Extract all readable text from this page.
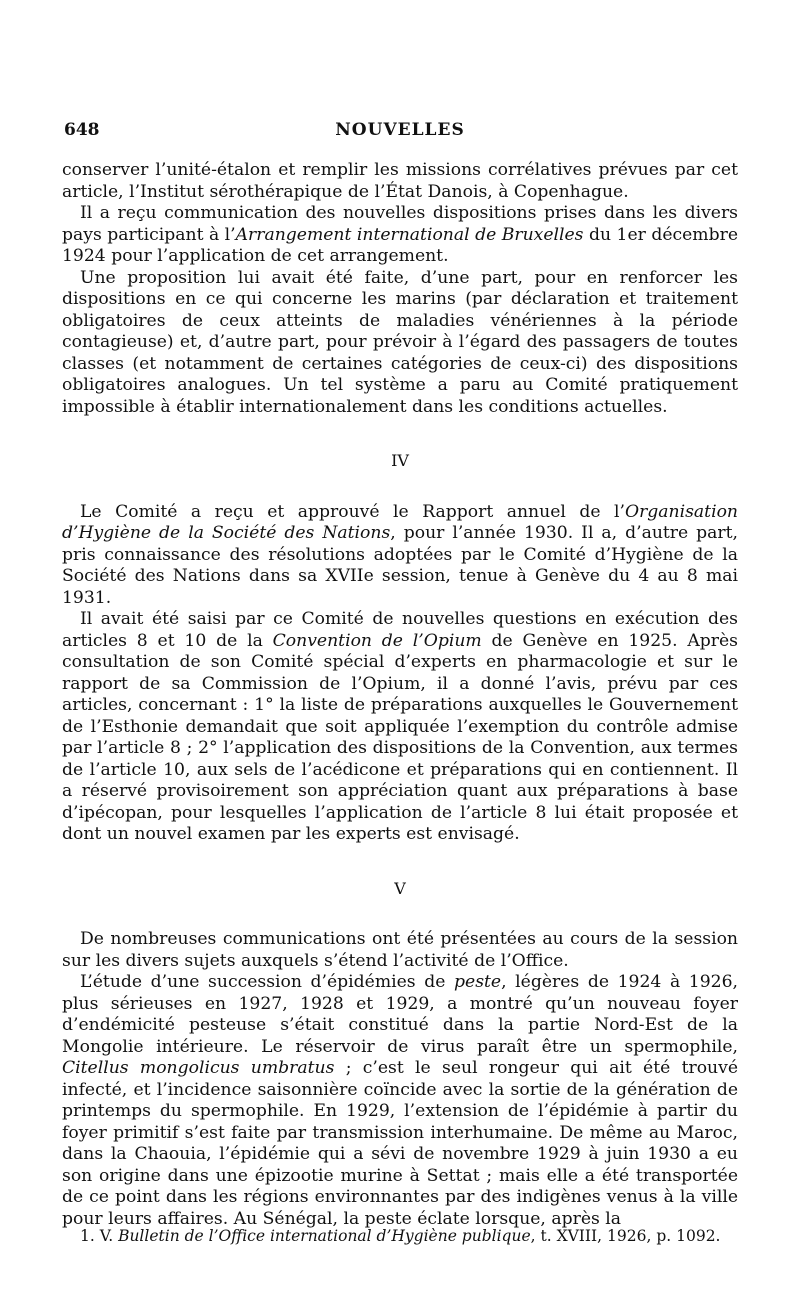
648	NOUVELLES

conserver l’unité-étalon et remplir les missions corrélatives prévues par cet article, l’Institut sérothérapique de l’État Danois, à Copenhague.

Il a reçu communication des nouvelles dispositions prises dans les divers pays participant à l’Arrangement international de Bruxelles du 1er décembre 1924 pour l’application de cet arrangement.

Une proposition lui avait été faite, d’une part, pour en renforcer les dispositions en ce qui concerne les marins (par déclaration et traitement obligatoires de ceux atteints de maladies vénériennes à la période contagieuse) et, d’autre part, pour prévoir à l’égard des passagers de toutes classes (et notamment de certaines catégories de ceux-ci) des dispositions obligatoires analogues. Un tel système a paru au Comité pratiquement impossible à établir internationalement dans les conditions actuelles.

IV

Le Comité a reçu et approuvé le Rapport annuel de l’Organisation d’Hygiène de la Société des Nations, pour l’année 1930. Il a, d’autre part, pris connaissance des résolutions adoptées par le Comité d’Hygiène de la Société des Nations dans sa XVIIe session, tenue à Genève du 4 au 8 mai 1931.

Il avait été saisi par ce Comité de nouvelles questions en exécution des articles 8 et 10 de la Convention de l’Opium de Genève en 1925. Après consultation de son Comité spécial d’experts en pharmacologie et sur le rapport de sa Commission de l’Opium, il a donné l’avis, prévu par ces articles, concernant : 1° la liste de préparations auxquelles le Gouvernement de l’Esthonie demandait que soit appliquée l’exemption du contrôle admise par l’article 8 ; 2° l’application des dispositions de la Convention, aux termes de l’article 10, aux sels de l’acédicone et préparations qui en contiennent. Il a réservé provisoirement son appréciation quant aux préparations à base d’ipécopan, pour lesquelles l’application de l’article 8 lui était proposée et dont un nouvel examen par les experts est envisagé.

V

De nombreuses communications ont été présentées au cours de la session sur les divers sujets auxquels s’étend l’activité de l’Office.

L’étude d’une succession d’épidémies de peste, légères de 1924 à 1926, plus sérieuses en 1927, 1928 et 1929, a montré qu’un nouveau foyer d’endémicité pesteuse s’était constitué dans la partie Nord-Est de la Mongolie intérieure. Le réservoir de virus paraît être un spermophile, Citellus mongolicus umbratus ; c’est le seul rongeur qui ait été trouvé infecté, et l’incidence saisonnière coïncide avec la sortie de la génération de printemps du spermophile. En 1929, l’extension de l’épidémie à partir du foyer primitif s’est faite par transmission interhumaine. De même au Maroc, dans la Chaouia, l’épidémie qui a sévi de novembre 1929 à juin 1930 a eu son origine dans une épizootie murine à Settat ; mais elle a été transportée de ce point dans les régions environnantes par des indigènes venus à la ville pour leurs affaires. Au Sénégal, la peste éclate lorsque, après la

1. V. Bulletin de l’Office international d’Hygiène publique, t. XVIII, 1926, p. 1092.
